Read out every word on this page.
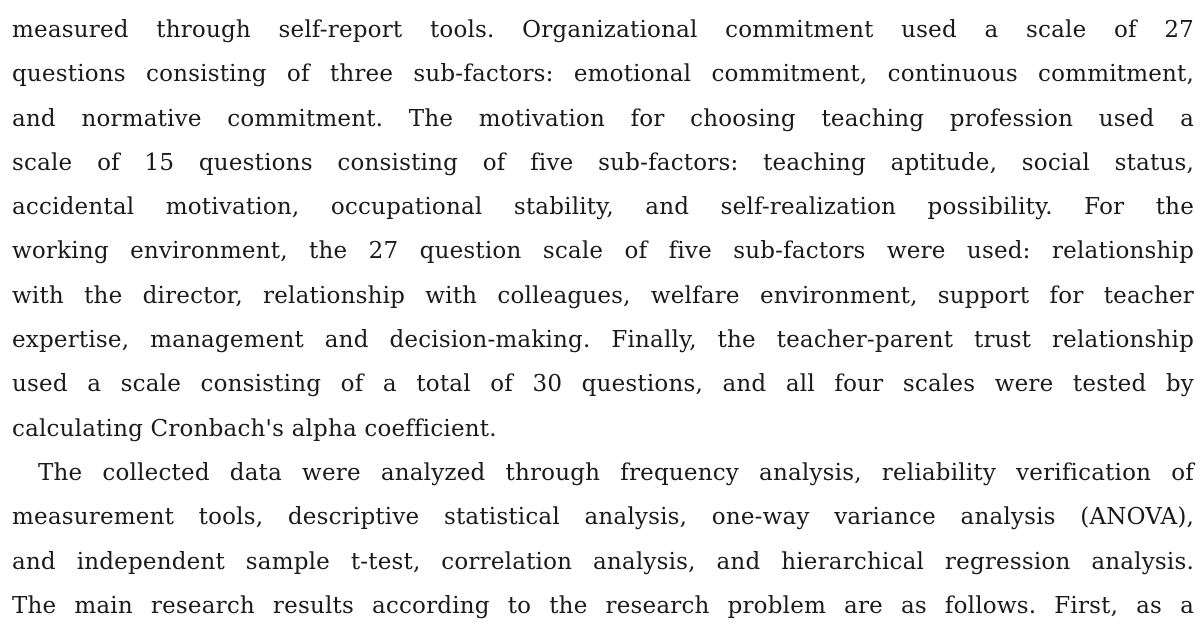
measured through self-report tools. Organizational commitment used a scale of 27
questions consisting of three sub-factors: emotional commitment, continuous commitment,
and normative commitment. The motivation for choosing teaching profession used a
scale of 15 questions consisting of five sub-factors: teaching aptitude, social status,
accidental motivation, occupational stability, and self-realization possibility. For the
working environment, the 27 question scale of five sub-factors were used: relationship
with the director, relationship with colleagues, welfare environment, support for teacher
expertise, management and decision-making. Finally, the teacher-parent trust relationship
used a scale consisting of a total of 30 questions, and all four scales were tested by
calculating Cronbach's alpha coefficient.
The collected data were analyzed through frequency analysis, reliability verification of
measurement tools, descriptive statistical analysis, one-way variance analysis (ANOVA),
and independent sample t-test, correlation analysis, and hierarchical regression analysis.
The main research results according to the research problem are as follows. First, as a
